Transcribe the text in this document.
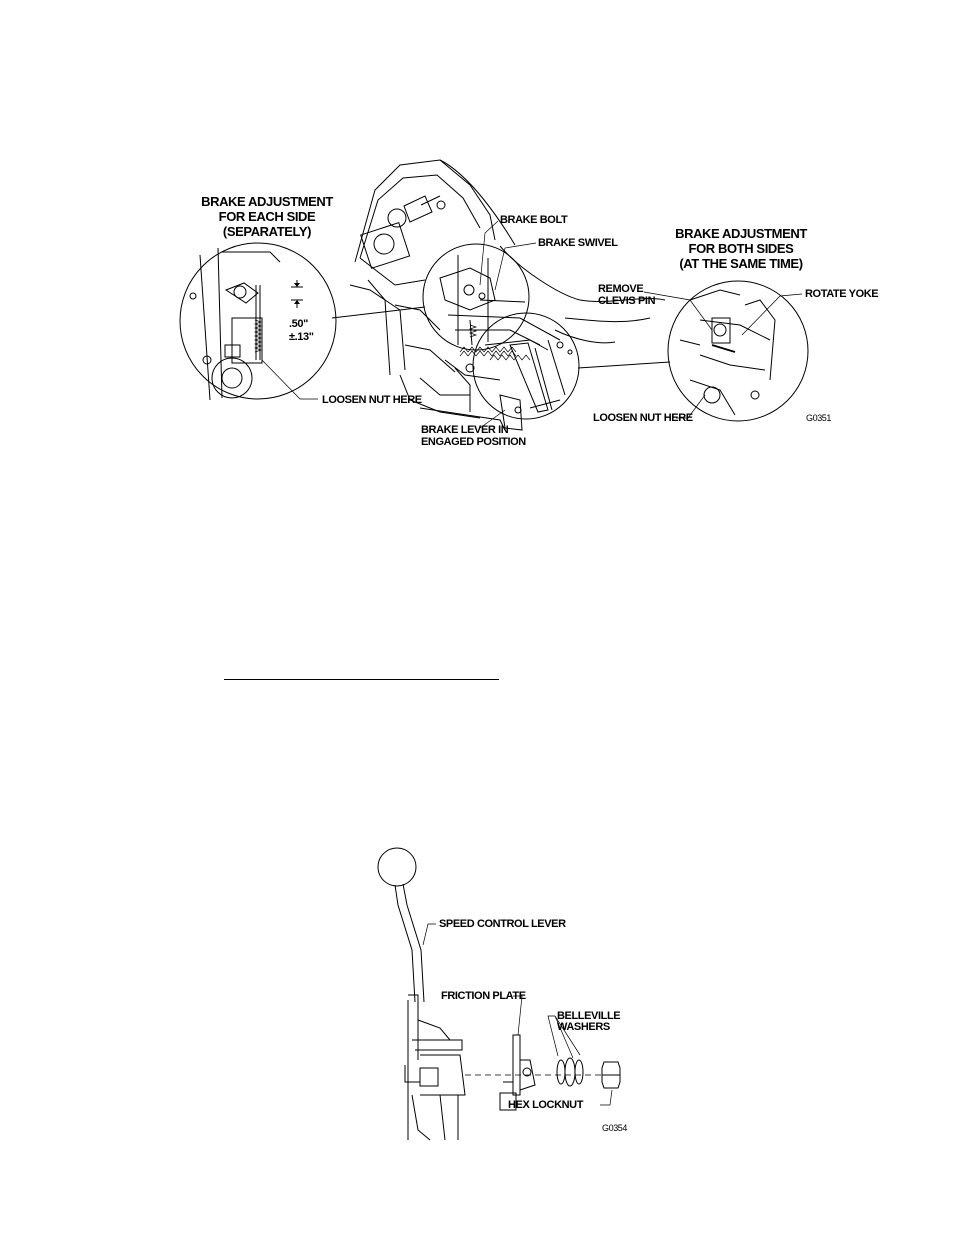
BRAKE ADJUSTMENT
FOR EACH SIDE
(SEPARATELY)	BRAKE ADJUSTMENT
FOR BOTH SIDES
(AT THE SAME TIME)
.50"
±.13"
BRAKE BOLT
BRAKE SWIVEL
REMOVE
CLEVIS PIN
ROTATE YOKE
LOOSEN NUT HERE
LOOSEN NUT HERE
BRAKE LEVER IN
ENGAGED POSITION
G0351
SPEED CONTROL LEVER
FRICTION PLATE
BELLEVILLE
WASHERS
HEX LOCKNUT
G0354
